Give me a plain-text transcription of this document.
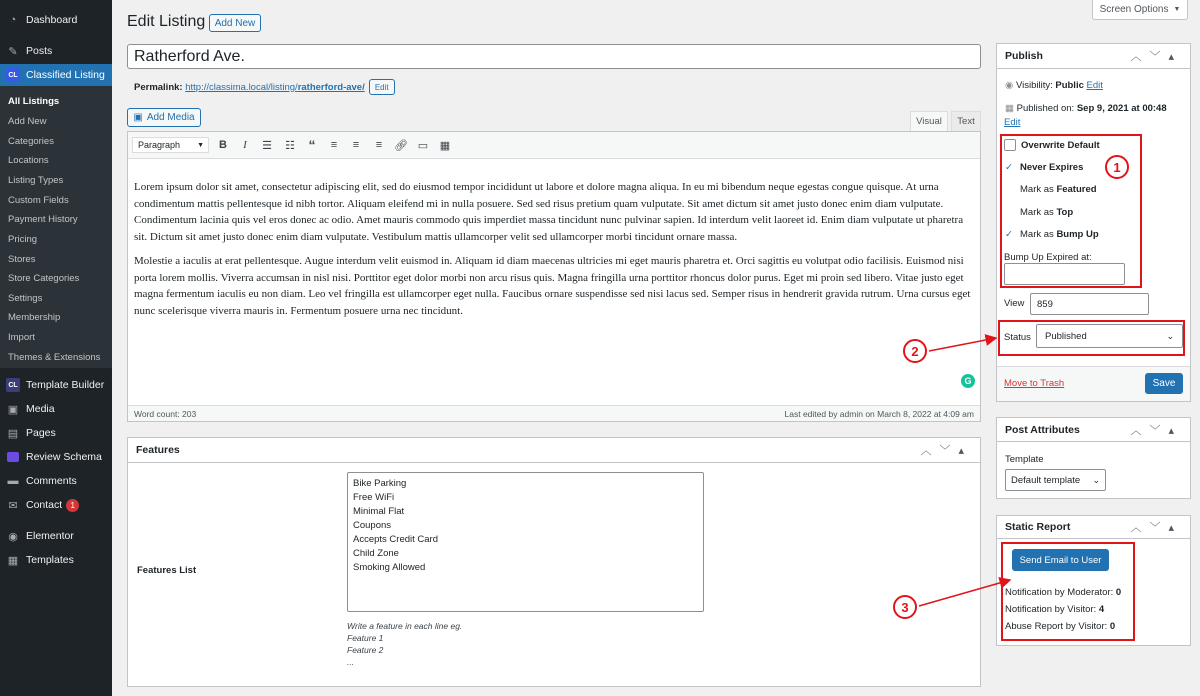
◔ Dashboard
✎ Posts
CL Classified Listing
All Listings
Add New
Categories
Locations
Listing Types
Custom Fields
Payment History
Pricing
Stores
Store Categories
Settings
Membership
Import
Themes & Extensions
CL Template Builder
▣ Media
▤ Pages
Review Schema
▬ Comments
✉ Contact	1
◉ Elementor
▦ Templates
Edit Listing Add New
Screen Options ▼
Ratherford Ave.
Permalink:
http://classima.local/listing/ratherford-ave/	Edit
▣ Add Media	Visual	Text
Paragraph ▼ B	I	☰ ☷ “	≡	≡	≡	🔗︎ ▭ ▦

Lorem ipsum dolor sit amet, consectetur adipiscing elit, sed do eiusmod tempor incididunt ut labore et dolore magna aliqua. In eu mi bibendum neque egestas congue quisque. At urna condimentum mattis pellentesque id nibh tortor. Aliquam eleifend mi in nulla posuere. Sed sed risus pretium quam vulputate. Sit amet dictum sit amet justo donec enim diam vulputate. Condimentum lacinia quis vel eros donec ac odio. Amet mauris commodo quis imperdiet massa tincidunt nunc pulvinar sapien. Id interdum velit laoreet id. Enim diam vulputate ut pharetra sit. Dictum sit amet justo donec enim diam vulputate. Vestibulum mattis ullamcorper velit sed ullamcorper morbi tincidunt ornare massa.

Molestie a iaculis at erat pellentesque. Augue interdum velit euismod in. Aliquam id diam maecenas ultricies mi eget mauris pharetra et. Orci sagittis eu volutpat odio facilisis. Euismod nisi porta lorem mollis. Viverra accumsan in nisl nisi. Porttitor eget dolor morbi non arcu risus quis. Magna fringilla urna porttitor rhoncus dolor purus. Eget mi proin sed libero. Vitae justo eget magna fermentum iaculis eu non diam. Leo vel fringilla est ullamcorper eget nulla. Faucibus ornare suspendisse sed nisi lacus sed. Semper risus in hendrerit gravida rutrum. Urna cursus eget nunc scelerisque viverra mauris in. Fermentum posuere urna nec tincidunt.

G
Word count: 203	Last edited by admin on March 8, 2022 at 4:09 am
Features	︿﹀▴
Features List
Bike Parking
Free WiFi
Minimal Flat
Coupons
Accepts Credit Card
Child Zone
Smoking Allowed
Write a feature in each line eg.
Feature 1
Feature 2
...
Publish	︿﹀▴
◉ Visibility: Public Edit
▦ Published on: Sep 9, 2021 at 00:48
Edit
Overwrite Default
✓ Never Expires
Mark as Featured
Mark as Top
✓ Mark as
Bump Up
Bump Up Expired at:
View	859
Status Published	⌄
Move to Trash	Save
Post Attributes	︿﹀▴
Template
Default template ⌄
Static Report	︿﹀▴
Send Email to User
Notification by Moderator: 0
Notification by Visitor: 4
Abuse Report by Visitor: 0
1
2
3
